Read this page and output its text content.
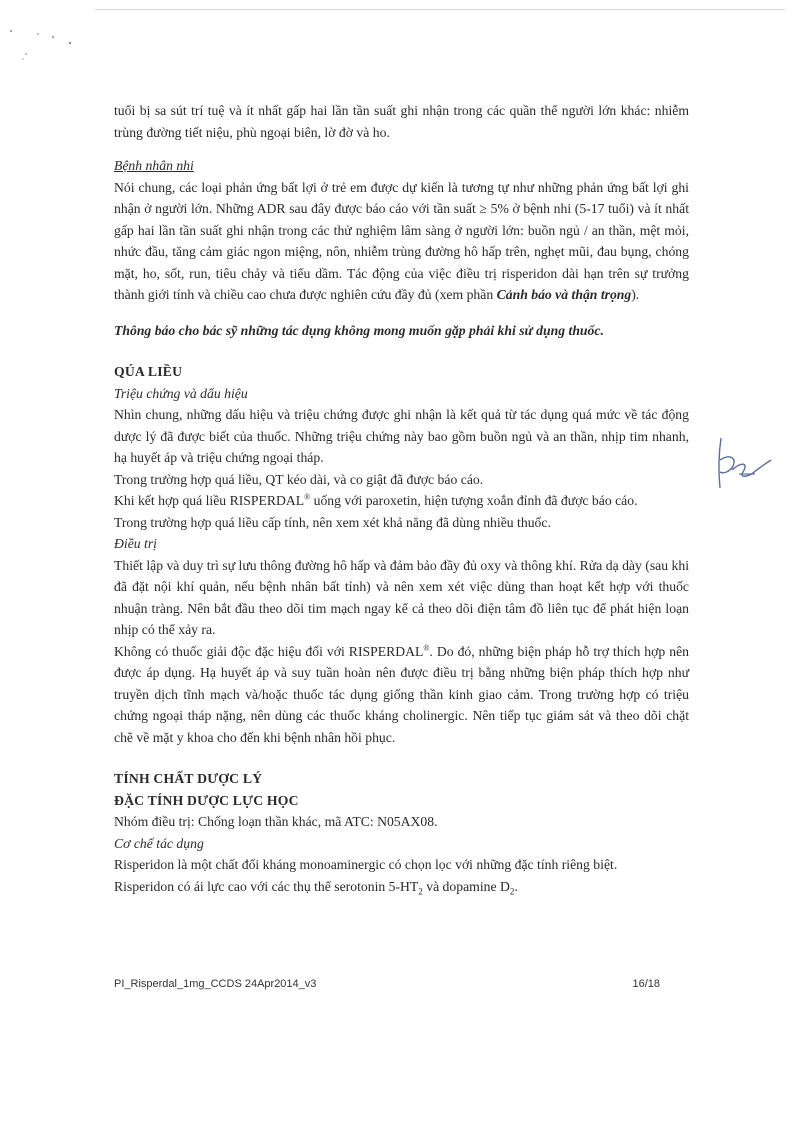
tuổi bị sa sút trí tuệ và ít nhất gấp hai lần tần suất ghi nhận trong các quần thể người lớn khác: nhiễm trùng đường tiết niệu, phù ngoại biên, lờ đờ và ho.

Bệnh nhân nhi

Nói chung, các loại phản ứng bất lợi ở trẻ em được dự kiến là tương tự như những phản ứng bất lợi ghi nhận ở người lớn. Những ADR sau đây được báo cáo với tần suất ≥ 5% ở bệnh nhi (5-17 tuổi) và ít nhất gấp hai lần tần suất ghi nhận trong các thử nghiệm lâm sàng ở người lớn: buồn ngủ / an thần, mệt mỏi, nhức đầu, tăng cảm giác ngon miệng, nôn, nhiễm trùng đường hô hấp trên, nghẹt mũi, đau bụng, chóng mặt, ho, sốt, run, tiêu chảy và tiểu dầm. Tác động của việc điều trị risperidon dài hạn trên sự trưởng thành giới tính và chiều cao chưa được nghiên cứu đầy đủ (xem phần Cảnh báo và thận trọng).

Thông báo cho bác sỹ những tác dụng không mong muốn gặp phải khi sử dụng thuốc.

QÚA LIỀU

Triệu chứng và dấu hiệu

Nhìn chung, những dấu hiệu và triệu chứng được ghi nhận là kết quả từ tác dụng quá mức về tác động dược lý đã được biết của thuốc. Những triệu chứng này bao gồm buồn ngủ và an thần, nhịp tim nhanh, hạ huyết áp và triệu chứng ngoại tháp.

Trong trường hợp quá liều, QT kéo dài, và co giật đã được báo cáo.

Khi kết hợp quá liều RISPERDAL® uống với paroxetin, hiện tượng xoắn đỉnh đã được báo cáo.

Trong trường hợp quá liều cấp tính, nên xem xét khả năng đã dùng nhiều thuốc.

Điều trị

Thiết lập và duy trì sự lưu thông đường hô hấp và đảm bảo đầy đủ oxy và thông khí. Rửa dạ dày (sau khi đã đặt nội khí quản, nếu bệnh nhân bất tỉnh) và nên xem xét việc dùng than hoạt kết hợp với thuốc nhuận tràng. Nên bắt đầu theo dõi tim mạch ngay kể cả theo dõi điện tâm đồ liên tục để phát hiện loạn nhịp có thể xảy ra.

Không có thuốc giải độc đặc hiệu đối với RISPERDAL®. Do đó, những biện pháp hỗ trợ thích hợp nên được áp dụng. Hạ huyết áp và suy tuần hoàn nên được điều trị bằng những biện pháp thích hợp như truyền dịch tĩnh mạch và/hoặc thuốc tác dụng giống thần kinh giao cảm. Trong trường hợp có triệu chứng ngoại tháp nặng, nên dùng các thuốc kháng cholinergic. Nên tiếp tục giám sát và theo dõi chặt chẽ về mặt y khoa cho đến khi bệnh nhân hồi phục.

TÍNH CHẤT DƯỢC LÝ

ĐẶC TÍNH DƯỢC LỰC HỌC

Nhóm điều trị: Chống loạn thần khác, mã ATC: N05AX08.

Cơ chế tác dụng

Risperidon là một chất đối kháng monoaminergic có chọn lọc với những đặc tính riêng biệt.

Risperidon có ái lực cao với các thụ thể serotonin $5-HT_2$ và dopamine $D_2$.

PI_Risperdal_1mg_CCDS 24Apr2014_v3	16/18
